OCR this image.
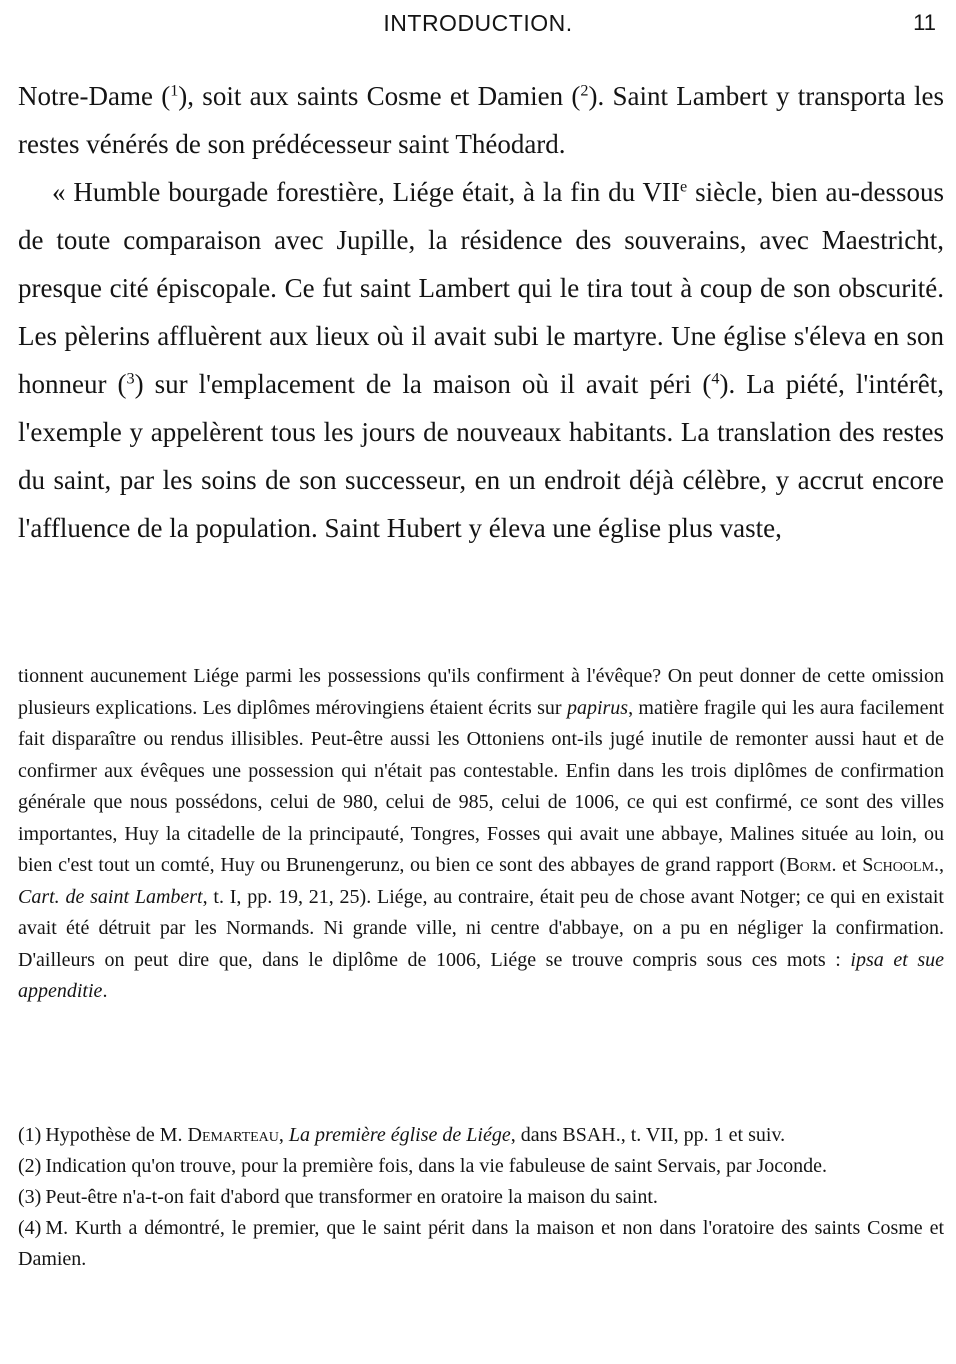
INTRODUCTION.	11

Notre-Dame ($^1$), soit aux saints Cosme et Damien ($^2$). Saint Lambert y transporta les restes vénérés de son prédécesseur saint Théodard.

« Humble bourgade forestière, Liége était, à la fin du VIIe siècle, bien au-dessous de toute comparaison avec Jupille, la résidence des souverains, avec Maestricht, presque cité épiscopale. Ce fut saint Lambert qui le tira tout à coup de son obscurité. Les pèlerins affluèrent aux lieux où il avait subi le martyre. Une église s'éleva en son honneur ($^3$) sur l'emplacement de la maison où il avait péri ($^4$). La piété, l'intérêt, l'exemple y appelèrent tous les jours de nouveaux habitants. La translation des restes du saint, par les soins de son successeur, en un endroit déjà célèbre, y accrut encore l'affluence de la population. Saint Hubert y éleva une église plus vaste,

tionnent aucunement Liége parmi les possessions qu'ils confirment à l'évêque? On peut donner de cette omission plusieurs explications. Les diplômes mérovingiens étaient écrits sur papirus, matière fragile qui les aura facilement fait disparaître ou rendus illisibles. Peut-être aussi les Ottoniens ont-ils jugé inutile de remonter aussi haut et de confirmer aux évêques une possession qui n'était pas contestable. Enfin dans les trois diplômes de confirmation générale que nous possédons, celui de 980, celui de 985, celui de 1006, ce qui est confirmé, ce sont des villes importantes, Huy la citadelle de la principauté, Tongres, Fosses qui avait une abbaye, Malines située au loin, ou bien c'est tout un comté, Huy ou Brunengerunz, ou bien ce sont des abbayes de grand rapport (Borm. et Schoolm., Cart. de saint Lambert, t. I, pp. 19, 21, 25). Liége, au contraire, était peu de chose avant Notger; ce qui en existait avait été détruit par les Normands. Ni grande ville, ni centre d'abbaye, on a pu en négliger la confirmation. D'ailleurs on peut dire que, dans le diplôme de 1006, Liége se trouve compris sous ces mots : ipsa et sue appenditie.

(1) Hypothèse de M. Demarteau, La première église de Liége, dans BSAH., t. VII, pp. 1 et suiv.

(2) Indication qu'on trouve, pour la première fois, dans la vie fabuleuse de saint Servais, par Joconde.

(3) Peut-être n'a-t-on fait d'abord que transformer en oratoire la maison du saint.

(4) M. Kurth a démontré, le premier, que le saint périt dans la maison et non dans l'oratoire des saints Cosme et Damien.
